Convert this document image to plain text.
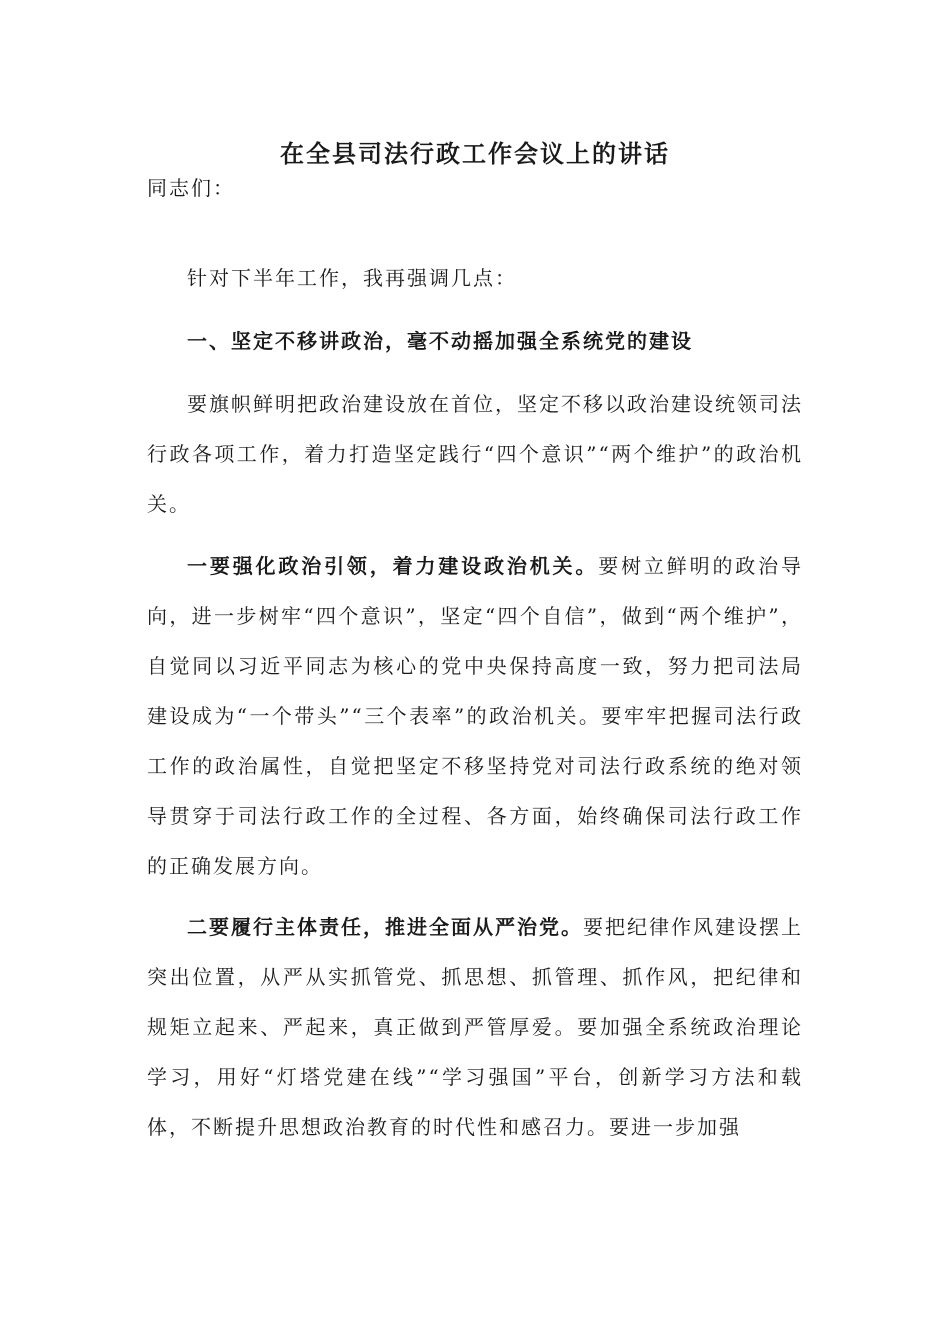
在全县司法行政工作会议上的讲话
同志们：

针对下半年工作，我再强调几点：

一、坚定不移讲政治，毫不动摇加强全系统党的建设

要旗帜鲜明把政治建设放在首位，坚定不移以政治建设统领司法行政各项工作，着力打造坚定践行“四个意识”“两个维护”的政治机关。

一要强化政治引领，着力建设政治机关。要树立鲜明的政治导向，进一步树牢“四个意识”，坚定“四个自信”，做到“两个维护”，自觉同以习近平同志为核心的党中央保持高度一致，努力把司法局建设成为“一个带头”“三个表率”的政治机关。要牢牢把握司法行政工作的政治属性，自觉把坚定不移坚持党对司法行政系统的绝对领导贯穿于司法行政工作的全过程、各方面，始终确保司法行政工作的正确发展方向。

二要履行主体责任，推进全面从严治党。要把纪律作风建设摆上突出位置，从严从实抓管党、抓思想、抓管理、抓作风，把纪律和规矩立起来、严起来，真正做到严管厚爱。要加强全系统政治理论学习，用好“灯塔党建在线”“学习强国”平台，创新学习方法和载体，不断提升思想政治教育的时代性和感召力。要进一步加强
